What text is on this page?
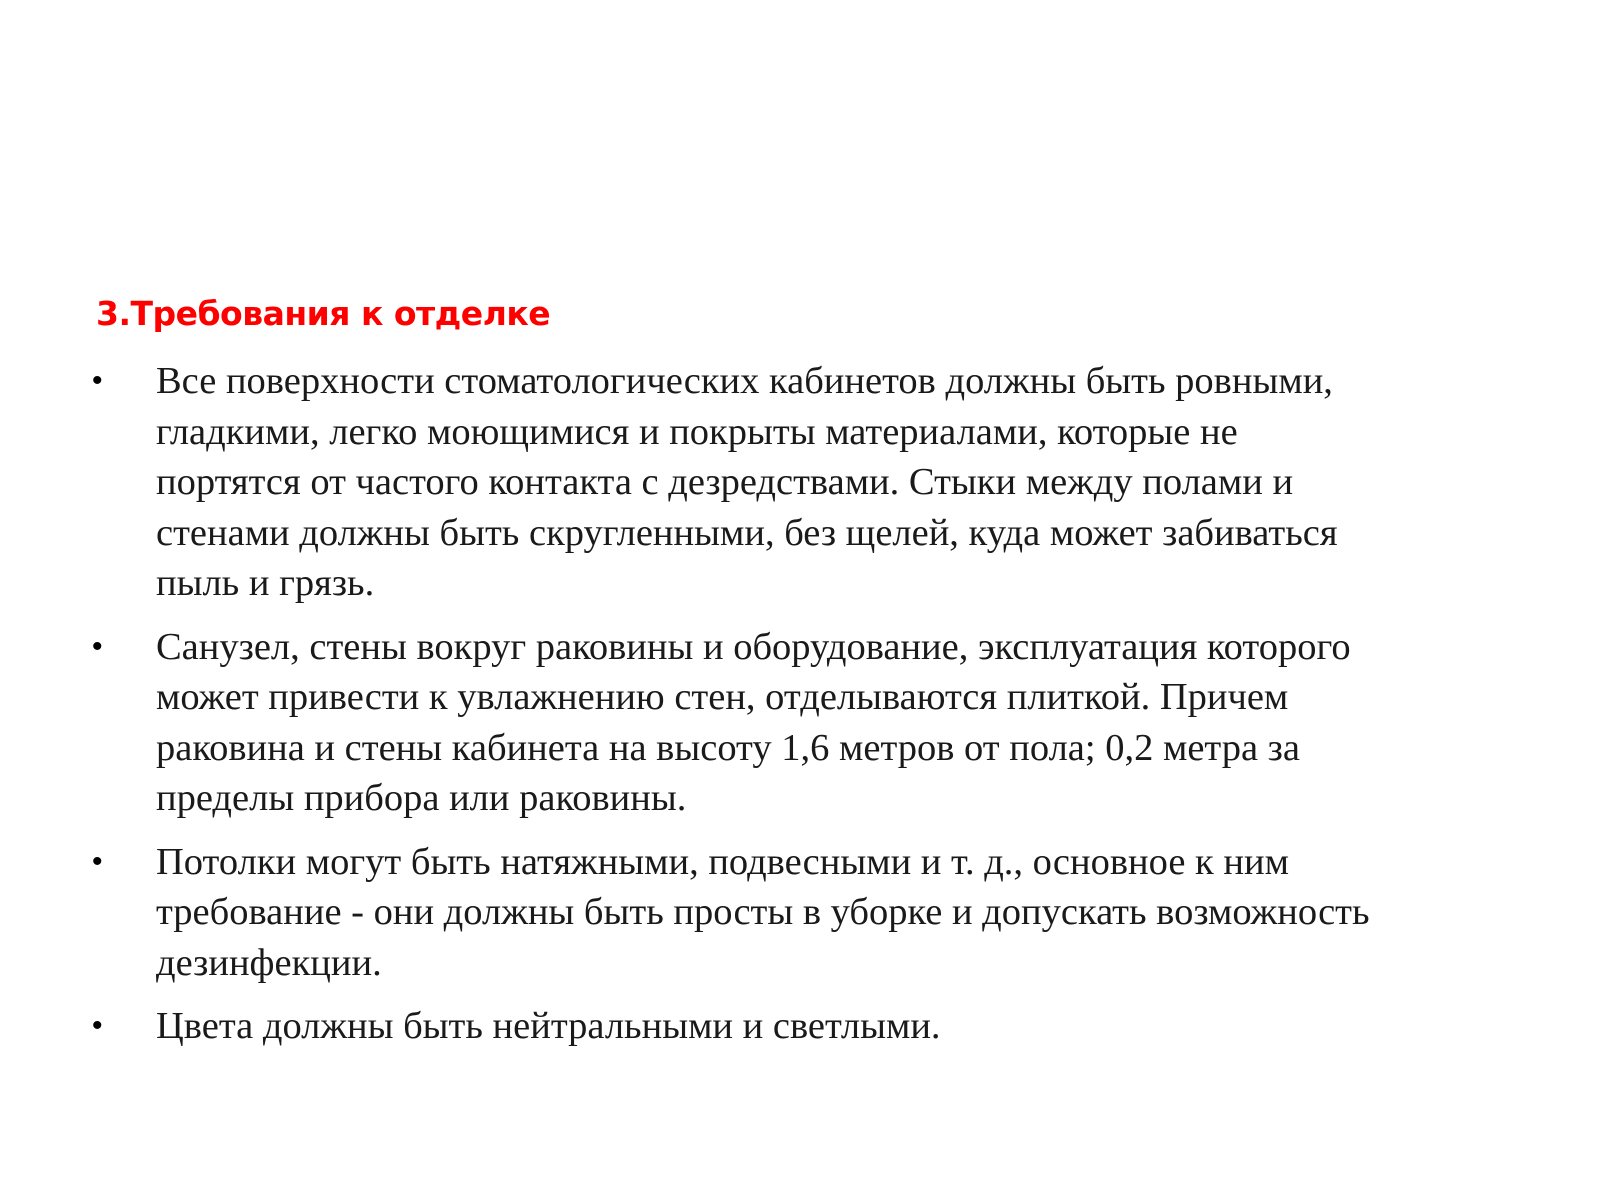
3.Требования к отделке
•	Все поверхности стоматологических кабинетов должны быть ровными,
гладкими, легко моющимися и покрыты материалами, которые не
портятся от частого контакта с дезредствами. Стыки между полами и
стенами должны быть скругленными, без щелей, куда может забиваться
пыль и грязь.

•	Санузел, стены вокруг раковины и оборудование, эксплуатация которого
может привести к увлажнению стен, отделываются плиткой. Причем
раковина и стены кабинета на высоту 1,6 метров от пола; 0,2 метра за
пределы прибора или раковины.

•	Потолки могут быть натяжными, подвесными и т. д., основное к ним
требование - они должны быть просты в уборке и допускать возможность
дезинфекции.

•	Цвета должны быть нейтральными и светлыми.
